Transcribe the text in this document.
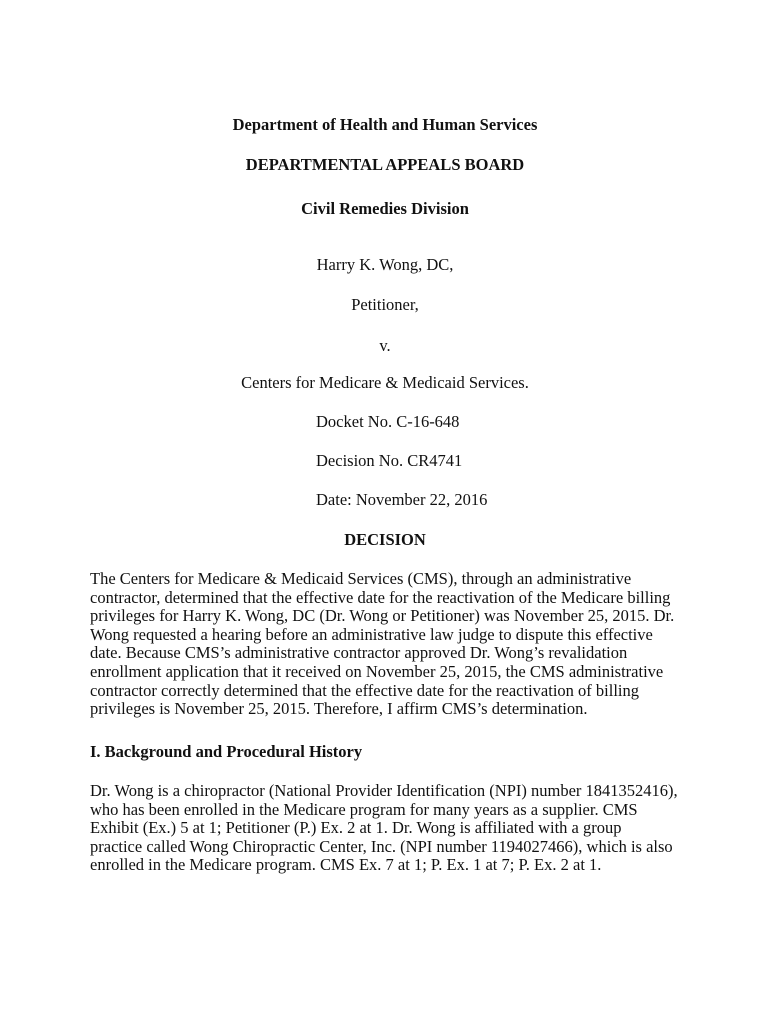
Department of Health and Human Services
DEPARTMENTAL APPEALS BOARD
Civil Remedies Division
Harry K. Wong, DC,
Petitioner,
v.
Centers for Medicare & Medicaid Services.
Docket No. C-16-648
Decision No. CR4741
Date: November 22, 2016
DECISION

The Centers for Medicare & Medicaid Services (CMS), through an administrative
contractor, determined that the effective date for the reactivation of the Medicare billing
privileges for Harry K. Wong, DC (Dr. Wong or Petitioner) was November 25, 2015. Dr.
Wong requested a hearing before an administrative law judge to dispute this effective
date. Because CMS’s administrative contractor approved Dr. Wong’s revalidation
enrollment application that it received on November 25, 2015, the CMS administrative
contractor correctly determined that the effective date for the reactivation of billing
privileges is November 25, 2015. Therefore, I affirm CMS’s determination.

I. Background and Procedural History

Dr. Wong is a chiropractor (National Provider Identification (NPI) number 1841352416),
who has been enrolled in the Medicare program for many years as a supplier. CMS
Exhibit (Ex.) 5 at 1; Petitioner (P.) Ex. 2 at 1. Dr. Wong is affiliated with a group
practice called Wong Chiropractic Center, Inc. (NPI number 1194027466), which is also
enrolled in the Medicare program. CMS Ex. 7 at 1; P. Ex. 1 at 7; P. Ex. 2 at 1.
